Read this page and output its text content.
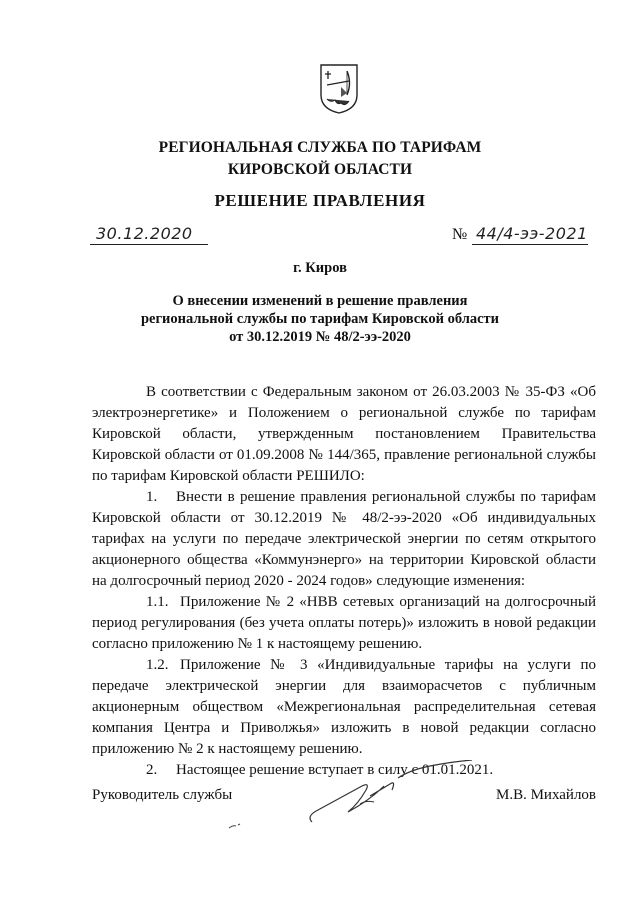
РЕГИОНАЛЬНАЯ СЛУЖБА ПО ТАРИФАМ
КИРОВСКОЙ ОБЛАСТИ
РЕШЕНИЕ ПРАВЛЕНИЯ
30.12.2020	№ 44/4-ээ-2021
г. Киров
О внесении изменений в решение правления
региональной службы по тарифам Кировской области
от 30.12.2019 № 48/2-ээ-2020

В соответствии с Федеральным законом от 26.03.2003 № 35-ФЗ «Об электроэнергетике» и Положением о региональной службе по тарифам Кировской области, утвержденным постановлением Правительства Кировской области от 01.09.2008 № 144/365, правление региональной службы по тарифам Кировской области РЕШИЛО:

1. Внести в решение правления региональной службы по тарифам Кировской области от 30.12.2019 № 48/2-ээ-2020 «Об индивидуальных тарифах на услуги по передаче электрической энергии по сетям открытого акционерного общества «Коммунэнерго» на территории Кировской области на долгосрочный период 2020 - 2024 годов» следующие изменения:

1.1. Приложение № 2 «НВВ сетевых организаций на долгосрочный период регулирования (без учета оплаты потерь)» изложить в новой редакции согласно приложению № 1 к настоящему решению.

1.2. Приложение № 3 «Индивидуальные тарифы на услуги по передаче электрической энергии для взаиморасчетов с публичным акционерным обществом «Межрегиональная распределительная сетевая компания Центра и Приволжья» изложить в новой редакции согласно приложению № 2 к настоящему решению.

2. Настоящее решение вступает в силу с 01.01.2021.

Руководитель службы	М.В. Михайлов
